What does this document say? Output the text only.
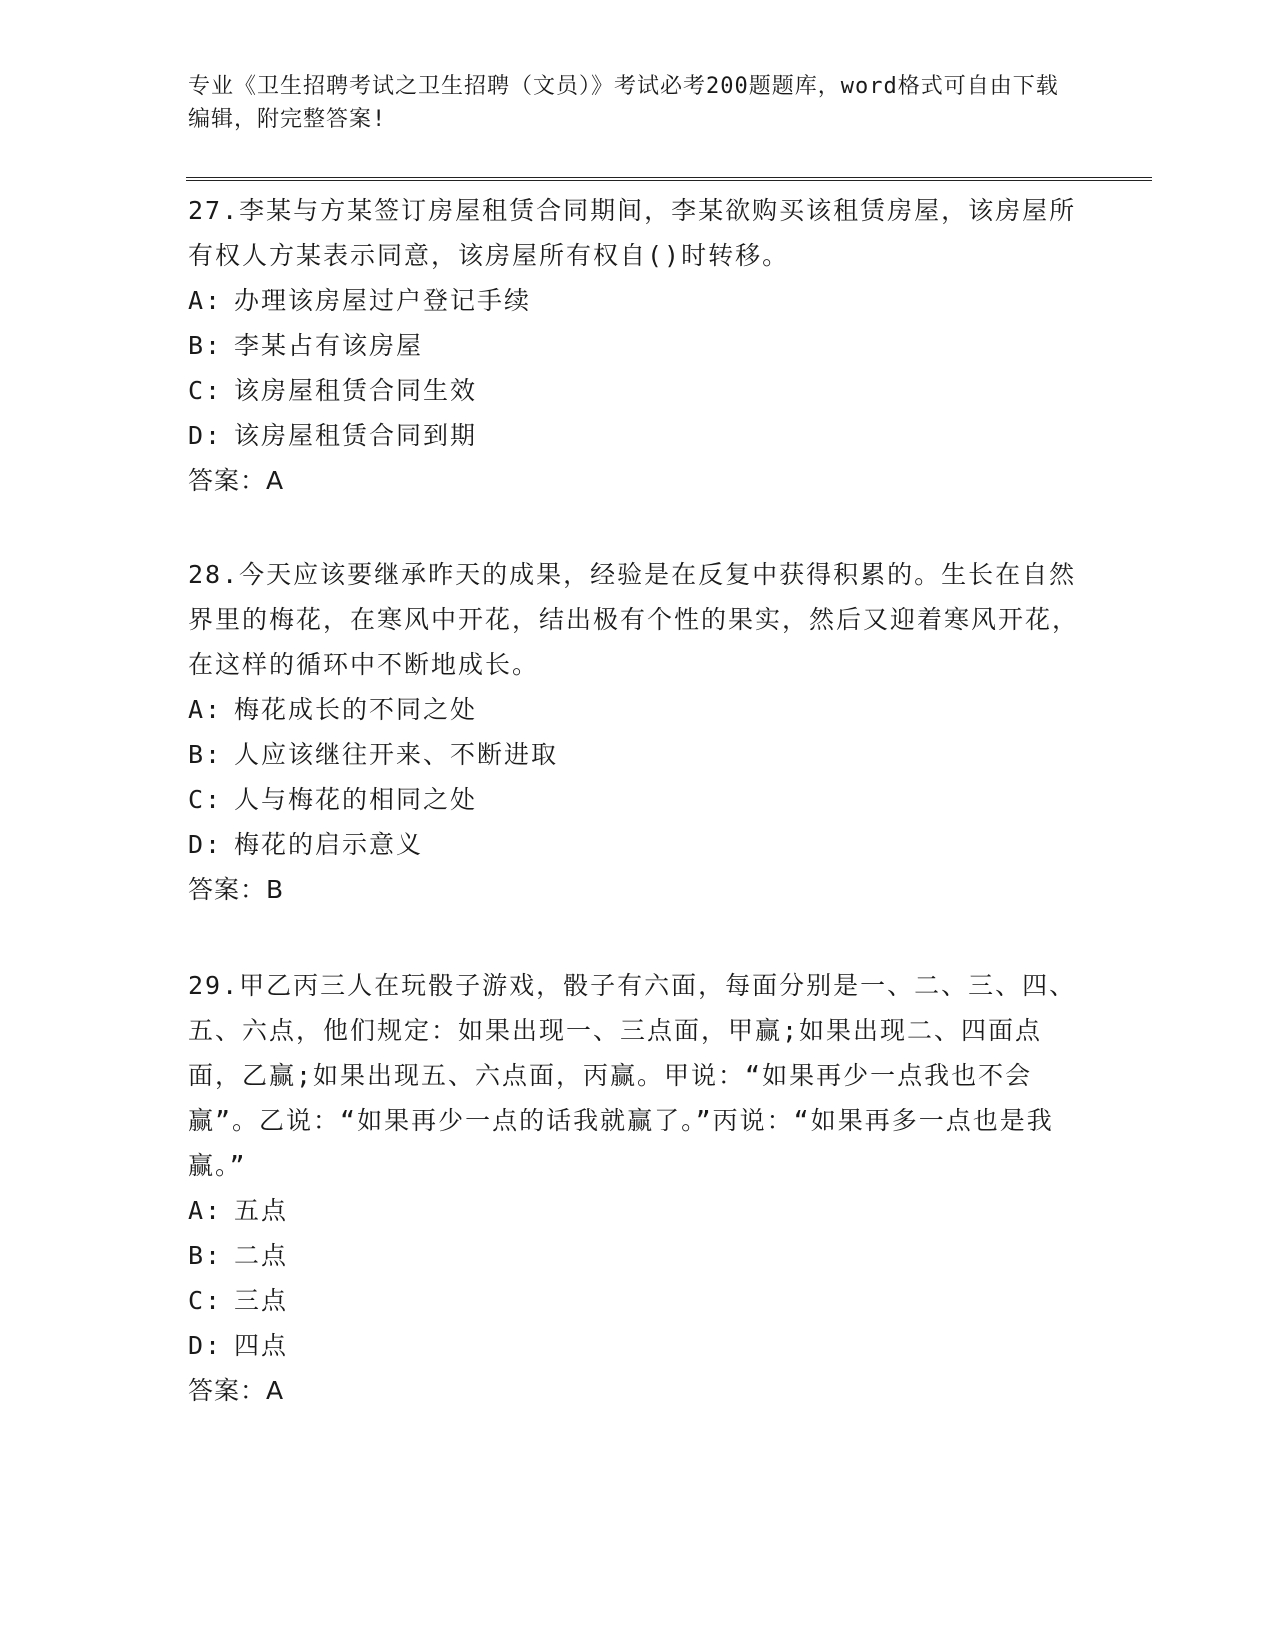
专业《卫生招聘考试之卫生招聘（文员）》考试必考200题题库，word格式可自由下载编辑，附完整答案!
27.李某与方某签订房屋租赁合同期间，李某欲购买该租赁房屋，该房屋所有权人方某表示同意，该房屋所有权自()时转移。
A: 办理该房屋过户登记手续
B: 李某占有该房屋
C: 该房屋租赁合同生效
D: 该房屋租赁合同到期
答案：A
28.今天应该要继承昨天的成果，经验是在反复中获得积累的。生长在自然界里的梅花，在寒风中开花，结出极有个性的果实，然后又迎着寒风开花，在这样的循环中不断地成长。
A: 梅花成长的不同之处
B: 人应该继往开来、不断进取
C: 人与梅花的相同之处
D: 梅花的启示意义
答案：B
29.甲乙丙三人在玩骰子游戏，骰子有六面，每面分别是一、二、三、四、五、六点，他们规定：如果出现一、三点面，甲赢;如果出现二、四面点面，乙赢;如果出现五、六点面，丙赢。甲说：“如果再少一点我也不会赢”。乙说：“如果再少一点的话我就赢了。”丙说：“如果再多一点也是我赢。”
A: 五点
B: 二点
C: 三点
D: 四点
答案：A
